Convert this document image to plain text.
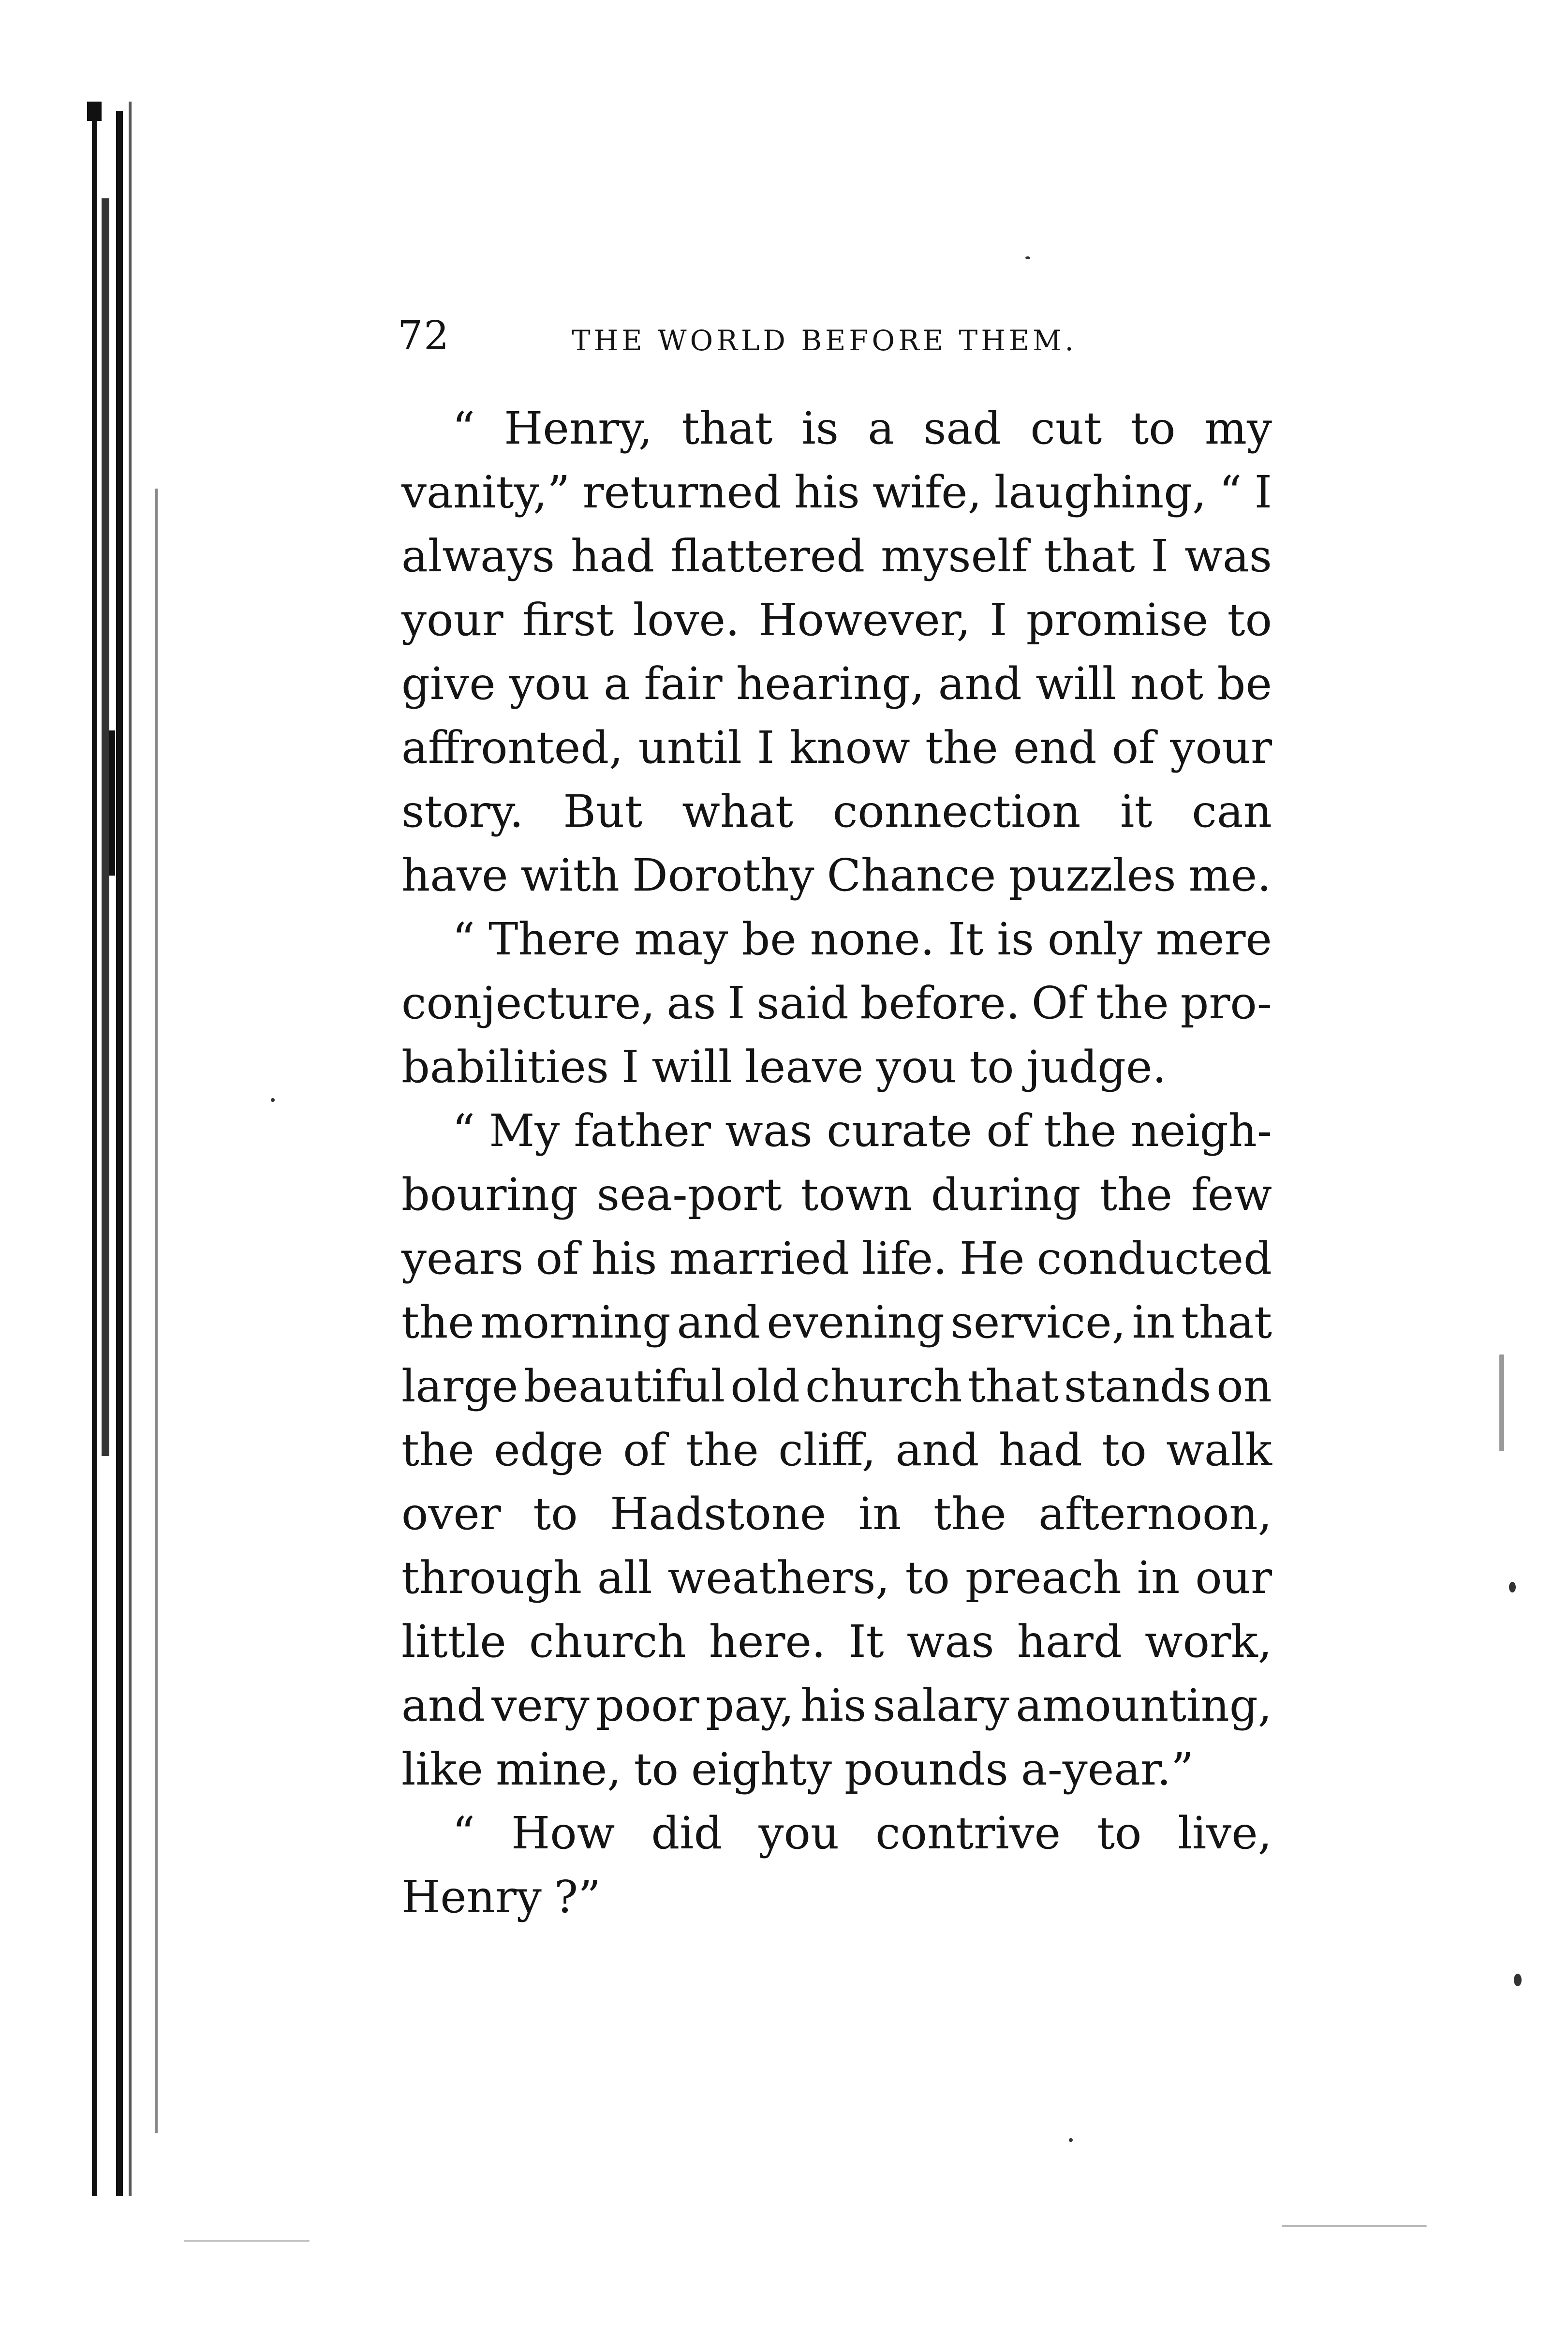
72	THE WORLD BEFORE THEM.
“ Henry, that is a sad cut to my
vanity,” returned his wife, laughing, “ I
always had flattered myself that I was
your first love. However, I promise to
give you a fair hearing, and will not be
affronted, until I know the end of your
story. But what connection it can
have with Dorothy Chance puzzles me.
“ There may be none. It is only mere
conjecture, as I said before. Of the pro-
babilities I will leave you to judge.
“ My father was curate of the neigh-
bouring sea-port town during the few
years of his married life. He conducted
the morning and evening service, in that
large beautiful old church that stands on
the edge of the cliff, and had to walk
over to Hadstone in the afternoon,
through all weathers, to preach in our
little church here. It was hard work,
and very poor pay, his salary amounting,
like mine, to eighty pounds a-year.”
“ How did you contrive to live,
Henry ?”
